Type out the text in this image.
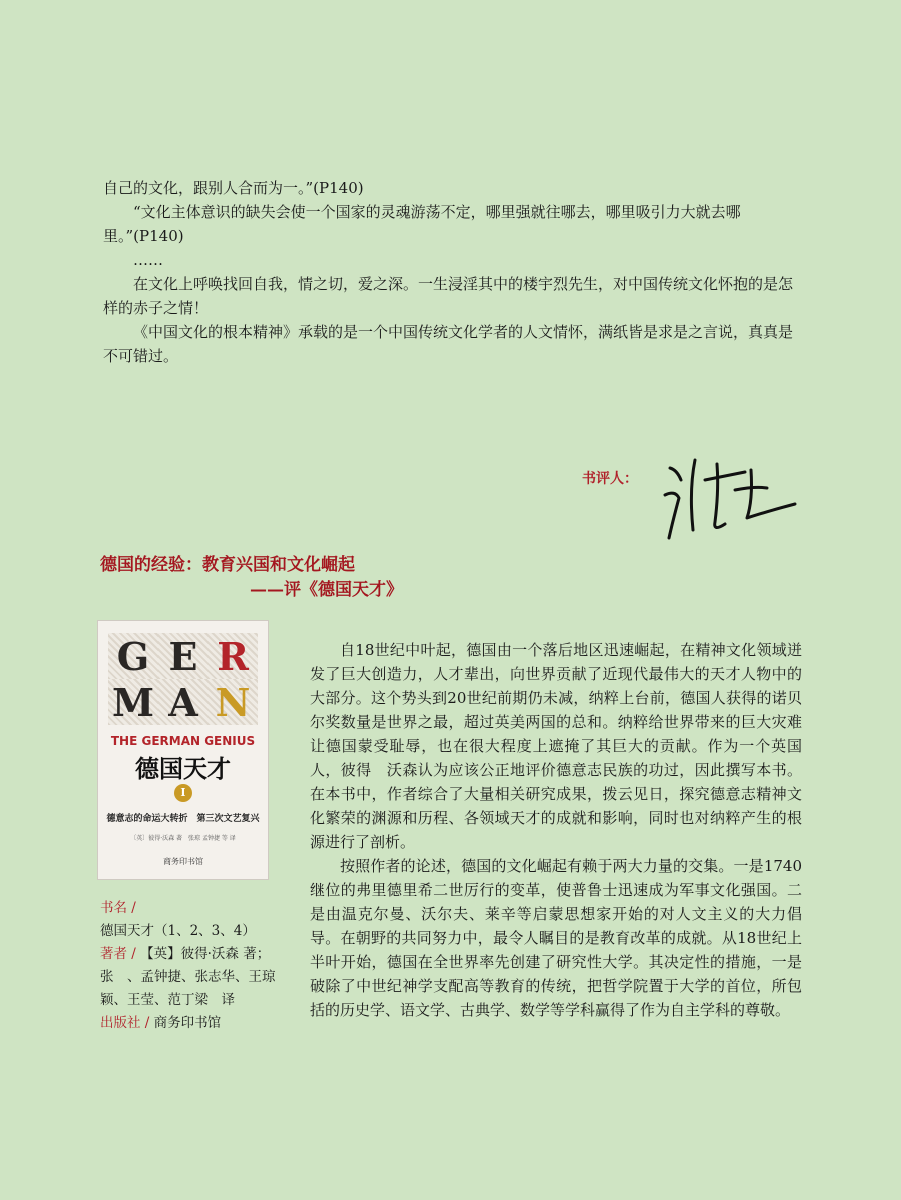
自己的文化，跟别人合而为一。”(P140)

“文化主体意识的缺失会使一个国家的灵魂游荡不定，哪里强就往哪去，哪里吸引力大就去哪里。”(P140)

……

在文化上呼唤找回自我，情之切，爱之深。一生浸淫其中的楼宇烈先生，对中国传统文化怀抱的是怎样的赤子之情！

《中国文化的根本精神》承载的是一个中国传统文化学者的人文情怀，满纸皆是求是之言说，真真是不可错过。

书评人：
德国的经验：教育兴国和文化崛起
——评《德国天才》
G E R
M A N
THE GERMAN GENIUS
德国天才
I
德意志的命运大转折　第三次文艺复兴
〔英〕彼得·沃森 著　张琼 孟钟捷 等 译
商务印书馆

书名 / 德国天才（1、2、3、4）

著者 / 【英】彼得·沃森 著；张　、孟钟捷、张志华、王琼颖、王莹、范丁梁　译

出版社 / 商务印书馆

自18世纪中叶起，德国由一个落后地区迅速崛起，在精神文化领域迸发了巨大创造力，人才辈出，向世界贡献了近现代最伟大的天才人物中的大部分。这个势头到20世纪前期仍未减，纳粹上台前，德国人获得的诺贝尔奖数量是世界之最，超过英美两国的总和。纳粹给世界带来的巨大灾难让德国蒙受耻辱，也在很大程度上遮掩了其巨大的贡献。作为一个英国人，彼得　沃森认为应该公正地评价德意志民族的功过，因此撰写本书。在本书中，作者综合了大量相关研究成果，拨云见日，探究德意志精神文化繁荣的渊源和历程、各领域天才的成就和影响，同时也对纳粹产生的根源进行了剖析。

按照作者的论述，德国的文化崛起有赖于两大力量的交集。一是1740继位的弗里德里希二世厉行的变革，使普鲁士迅速成为军事文化强国。二是由温克尔曼、沃尔夫、莱辛等启蒙思想家开始的对人文主义的大力倡导。在朝野的共同努力中，最令人瞩目的是教育改革的成就。从18世纪上半叶开始，德国在全世界率先创建了研究性大学。其决定性的措施，一是破除了中世纪神学支配高等教育的传统，把哲学院置于大学的首位，所包括的历史学、语文学、古典学、数学等学科赢得了作为自主学科的尊敬。
